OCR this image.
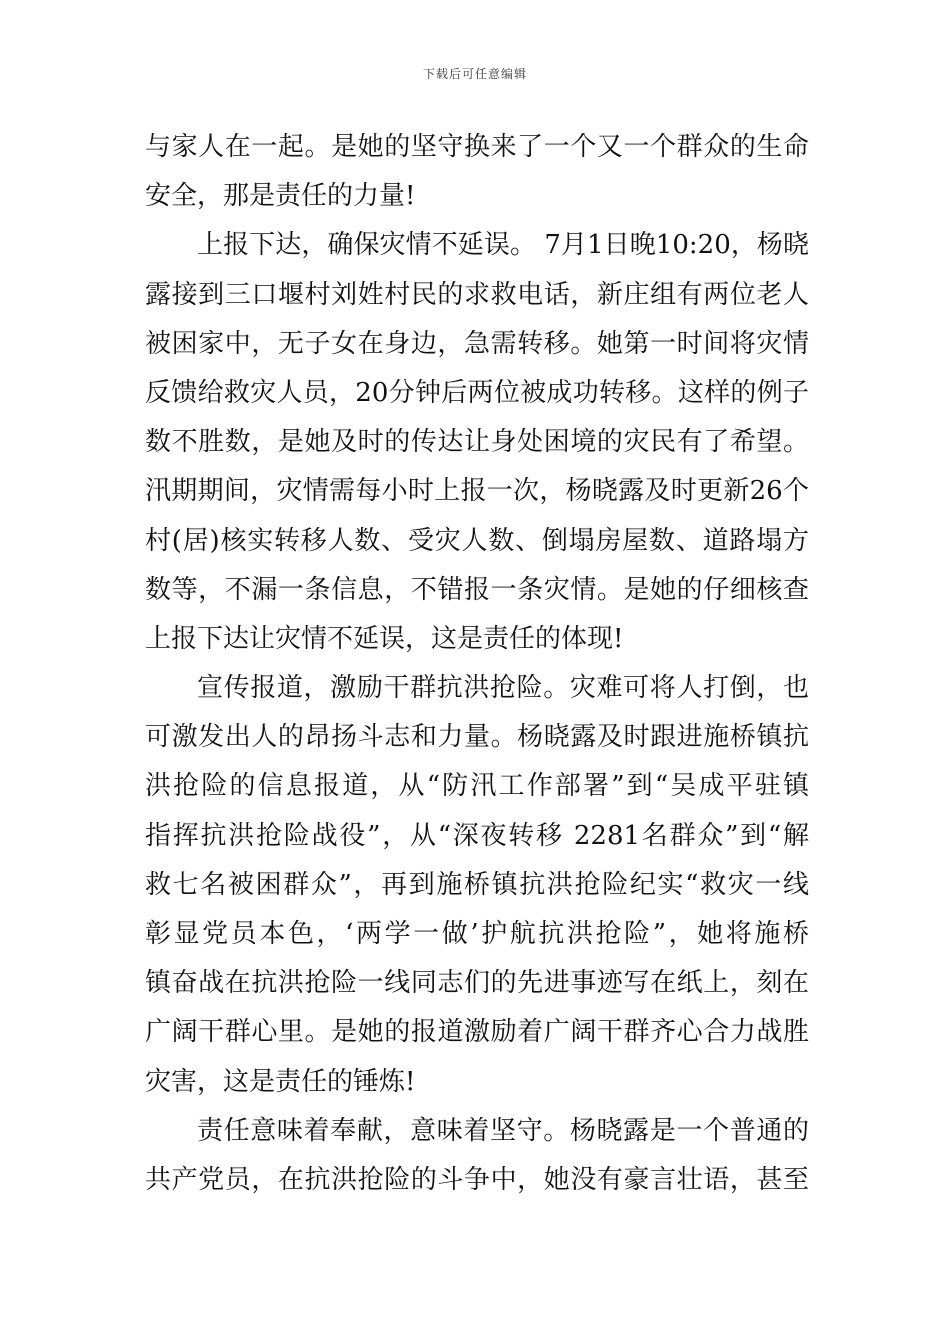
下载后可任意编辑
与家人在一起。是她的坚守换来了一个又一个群众的生命
安全，那是责任的力量!
上报下达，确保灾情不延误。 7月1日晚10:20，杨晓
露接到三口堰村刘姓村民的求救电话，新庄组有两位老人
被困家中，无子女在身边，急需转移。她第一时间将灾情
反馈给救灾人员，20分钟后两位被成功转移。这样的例子
数不胜数，是她及时的传达让身处困境的灾民有了希望。
汛期期间，灾情需每小时上报一次，杨晓露及时更新26个
村(居)核实转移人数、受灾人数、倒塌房屋数、道路塌方
数等，不漏一条信息，不错报一条灾情。是她的仔细核查
上报下达让灾情不延误，这是责任的体现!
宣传报道，激励干群抗洪抢险。灾难可将人打倒，也
可激发出人的昂扬斗志和力量。杨晓露及时跟进施桥镇抗
洪抢险的信息报道，从“防汛工作部署”到“吴成平驻镇
指挥抗洪抢险战役”，从“深夜转移 2281名群众”到“解
救七名被困群众”，再到施桥镇抗洪抢险纪实“救灾一线
彰显党员本色，‘两学一做’护航抗洪抢险”，她将施桥
镇奋战在抗洪抢险一线同志们的先进事迹写在纸上，刻在
广阔干群心里。是她的报道激励着广阔干群齐心合力战胜
灾害，这是责任的锤炼!
责任意味着奉献，意味着坚守。杨晓露是一个普通的
共产党员，在抗洪抢险的斗争中，她没有豪言壮语，甚至
